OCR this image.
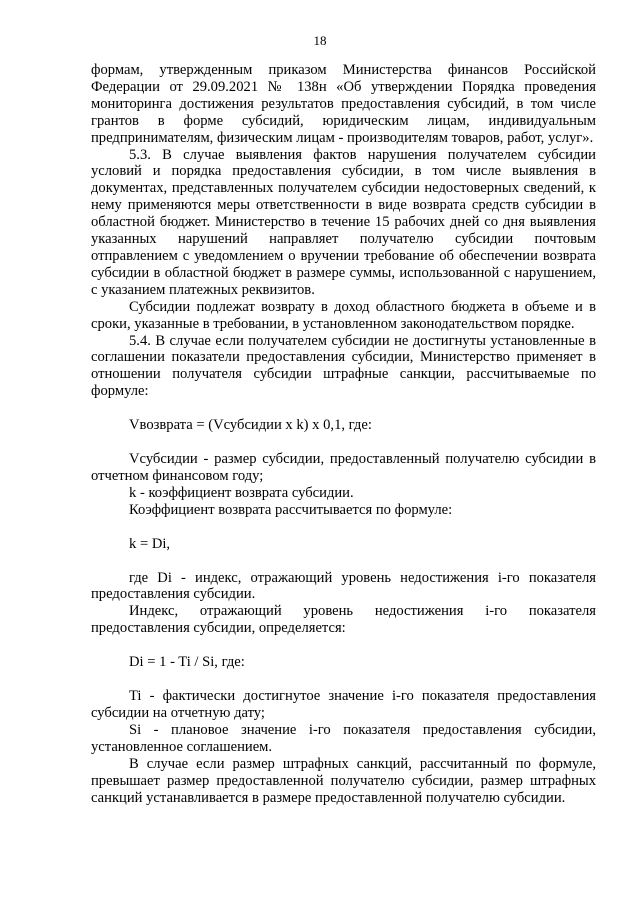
18

формам, утвержденным приказом Министерства финансов Российской Федерации от 29.09.2021 № 138н «Об утверждении Порядка проведения мониторинга достижения результатов предоставления субсидий, в том числе грантов в форме субсидий, юридическим лицам, индивидуальным предпринимателям, физическим лицам - производителям товаров, работ, услуг».

5.3. В случае выявления фактов нарушения получателем субсидии условий и порядка предоставления субсидии, в том числе выявления в документах, представленных получателем субсидии недостоверных сведений, к нему применяются меры ответственности в виде возврата средств субсидии в областной бюджет. Министерство в течение 15 рабочих дней со дня выявления указанных нарушений направляет получателю субсидии почтовым отправлением с уведомлением о вручении требование об обеспечении возврата субсидии в областной бюджет в размере суммы, использованной с нарушением, с указанием платежных реквизитов.

Субсидии подлежат возврату в доход областного бюджета в объеме и в сроки, указанные в требовании, в установленном законодательством порядке.

5.4. В случае если получателем субсидии не достигнуты установленные в соглашении показатели предоставления субсидии, Министерство применяет в отношении получателя субсидии штрафные санкции, рассчитываемые по формуле:

Vвозврата = (Vсубсидии x k) x 0,1, где:

Vсубсидии - размер субсидии, предоставленный получателю субсидии в отчетном финансовом году;

k - коэффициент возврата субсидии.

Коэффициент возврата рассчитывается по формуле:

k = Di,

где Di - индекс, отражающий уровень недостижения i-го показателя предоставления субсидии.

Индекс, отражающий уровень недостижения i-го показателя предоставления субсидии, определяется:

Di = 1 - Ti / Si, где:

Ti - фактически достигнутое значение i-го показателя предоставления субсидии на отчетную дату;

Si - плановое значение i-го показателя предоставления субсидии, установленное соглашением.

В случае если размер штрафных санкций, рассчитанный по формуле, превышает размер предоставленной получателю субсидии, размер штрафных санкций устанавливается в размере предоставленной получателю субсидии.
